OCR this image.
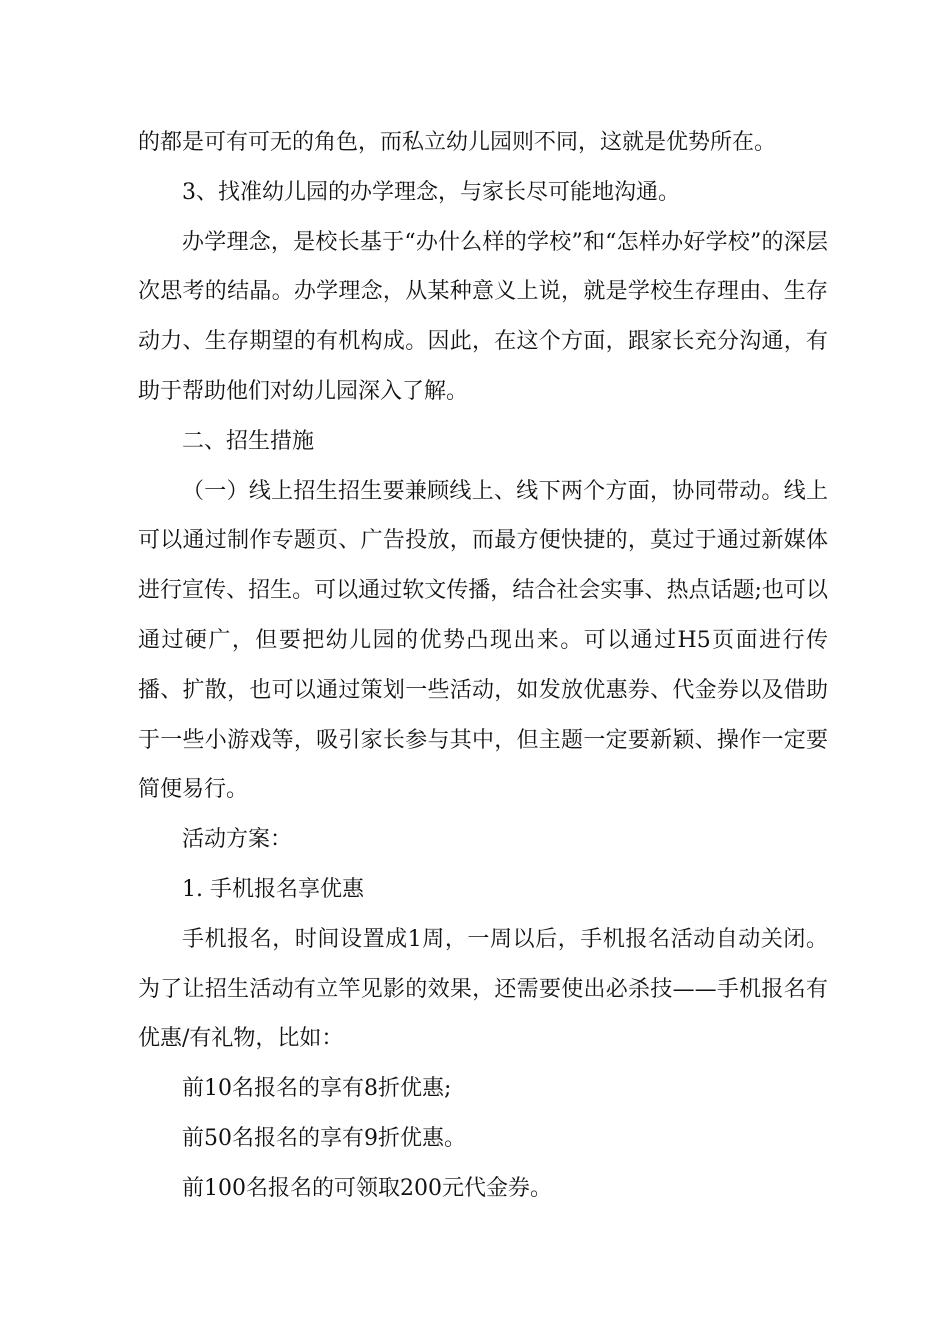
的都是可有可无的角色，而私立幼儿园则不同，这就是优势所在。

3、找准幼儿园的办学理念，与家长尽可能地沟通。

办学理念，是校长基于“办什么样的学校”和“怎样办好学校”的深层次思考的结晶。办学理念，从某种意义上说，就是学校生存理由、生存动力、生存期望的有机构成。因此，在这个方面，跟家长充分沟通，有助于帮助他们对幼儿园深入了解。

二、招生措施

（一）线上招生招生要兼顾线上、线下两个方面，协同带动。线上可以通过制作专题页、广告投放，而最方便快捷的，莫过于通过新媒体进行宣传、招生。可以通过软文传播，结合社会实事、热点话题;也可以通过硬广，但要把幼儿园的优势凸现出来。可以通过H5页面进行传播、扩散，也可以通过策划一些活动，如发放优惠券、代金券以及借助于一些小游戏等，吸引家长参与其中，但主题一定要新颖、操作一定要简便易行。

活动方案：

1. 手机报名享优惠

手机报名，时间设置成1周，一周以后，手机报名活动自动关闭。为了让招生活动有立竿见影的效果，还需要使出必杀技——手机报名有优惠/有礼物，比如：

前10名报名的享有8折优惠;

前50名报名的享有9折优惠。

前100名报名的可领取200元代金券。
